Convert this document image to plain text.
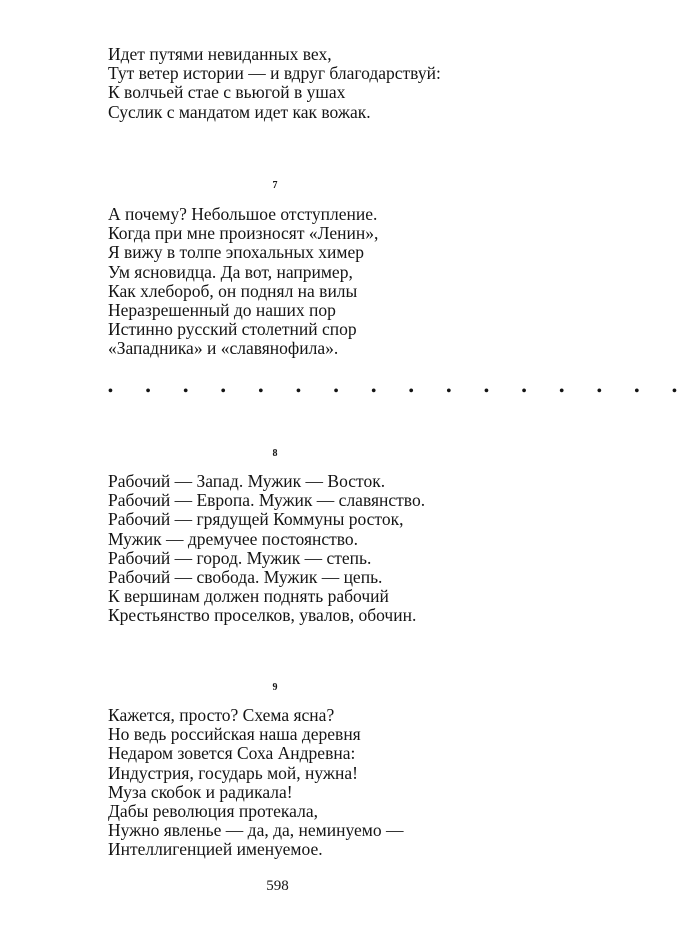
Идет путями невиданных вех,
Тут ветер истории — и вдруг благодарствуй:
К волчьей стае с вьюгой в ушах
Суслик с мандатом идет как вожак.
7
А почему? Небольшое отступление.
Когда при мне произносят «Ленин»,
Я вижу в толпе эпохальных химер
Ум ясновидца. Да вот, например,
Как хлебороб, он поднял на вилы
Неразрешенный до наших пор
Истинно русский столетний спор
«Западника» и «славянофила».
• • • • • • • • • • • • • • • •
8
Рабочий — Запад. Мужик — Восток.
Рабочий — Европа. Мужик — славянство.
Рабочий — грядущей Коммуны росток,
Мужик — дремучее постоянство.
Рабочий — город. Мужик — степь.
Рабочий — свобода. Мужик — цепь.
К вершинам должен поднять рабочий
Крестьянство проселков, увалов, обочин.
9
Кажется, просто? Схема ясна?
Но ведь российская наша деревня
Недаром зовется Соха Андревна:
Индустрия, государь мой, нужна!
Муза скобок и радикала!
Дабы революция протекала,
Нужно явленье — да, да, неминуемо —
Интеллигенцией именуемое.
598
